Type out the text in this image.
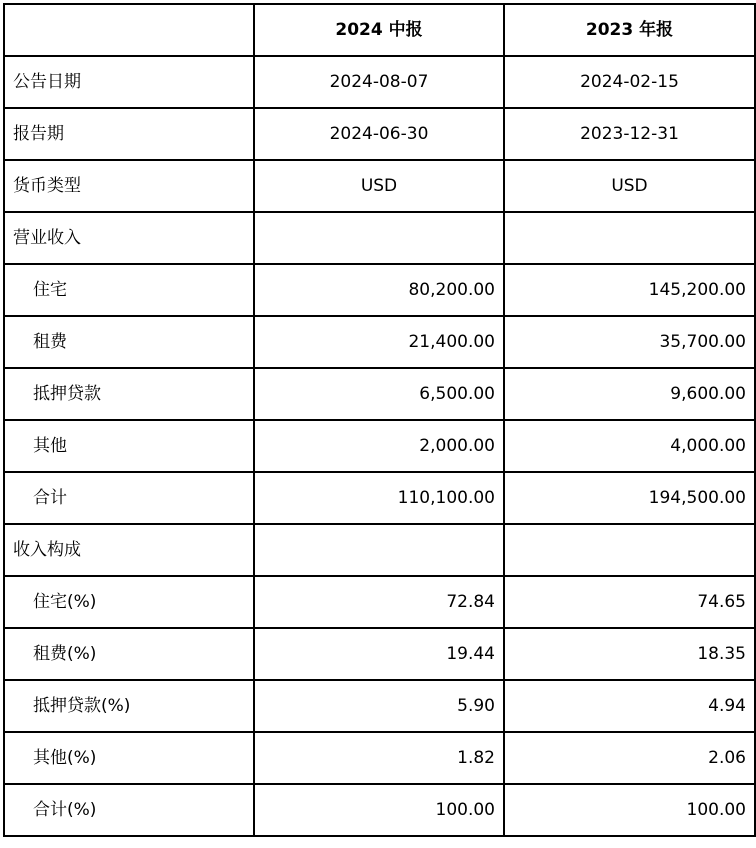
	2024 中报	2023 年报
公告日期	2024-08-07	2024-02-15
报告期	2024-06-30	2023-12-31
货币类型	USD	USD
营业收入		
住宅	80,200.00	145,200.00
租费	21,400.00	35,700.00
抵押贷款	6,500.00	9,600.00
其他	2,000.00	4,000.00
合计	110,100.00	194,500.00
收入构成		
住宅(%)	72.84	74.65
租费(%)	19.44	18.35
抵押贷款(%)	5.90	4.94
其他(%)	1.82	2.06
合计(%)	100.00	100.00
